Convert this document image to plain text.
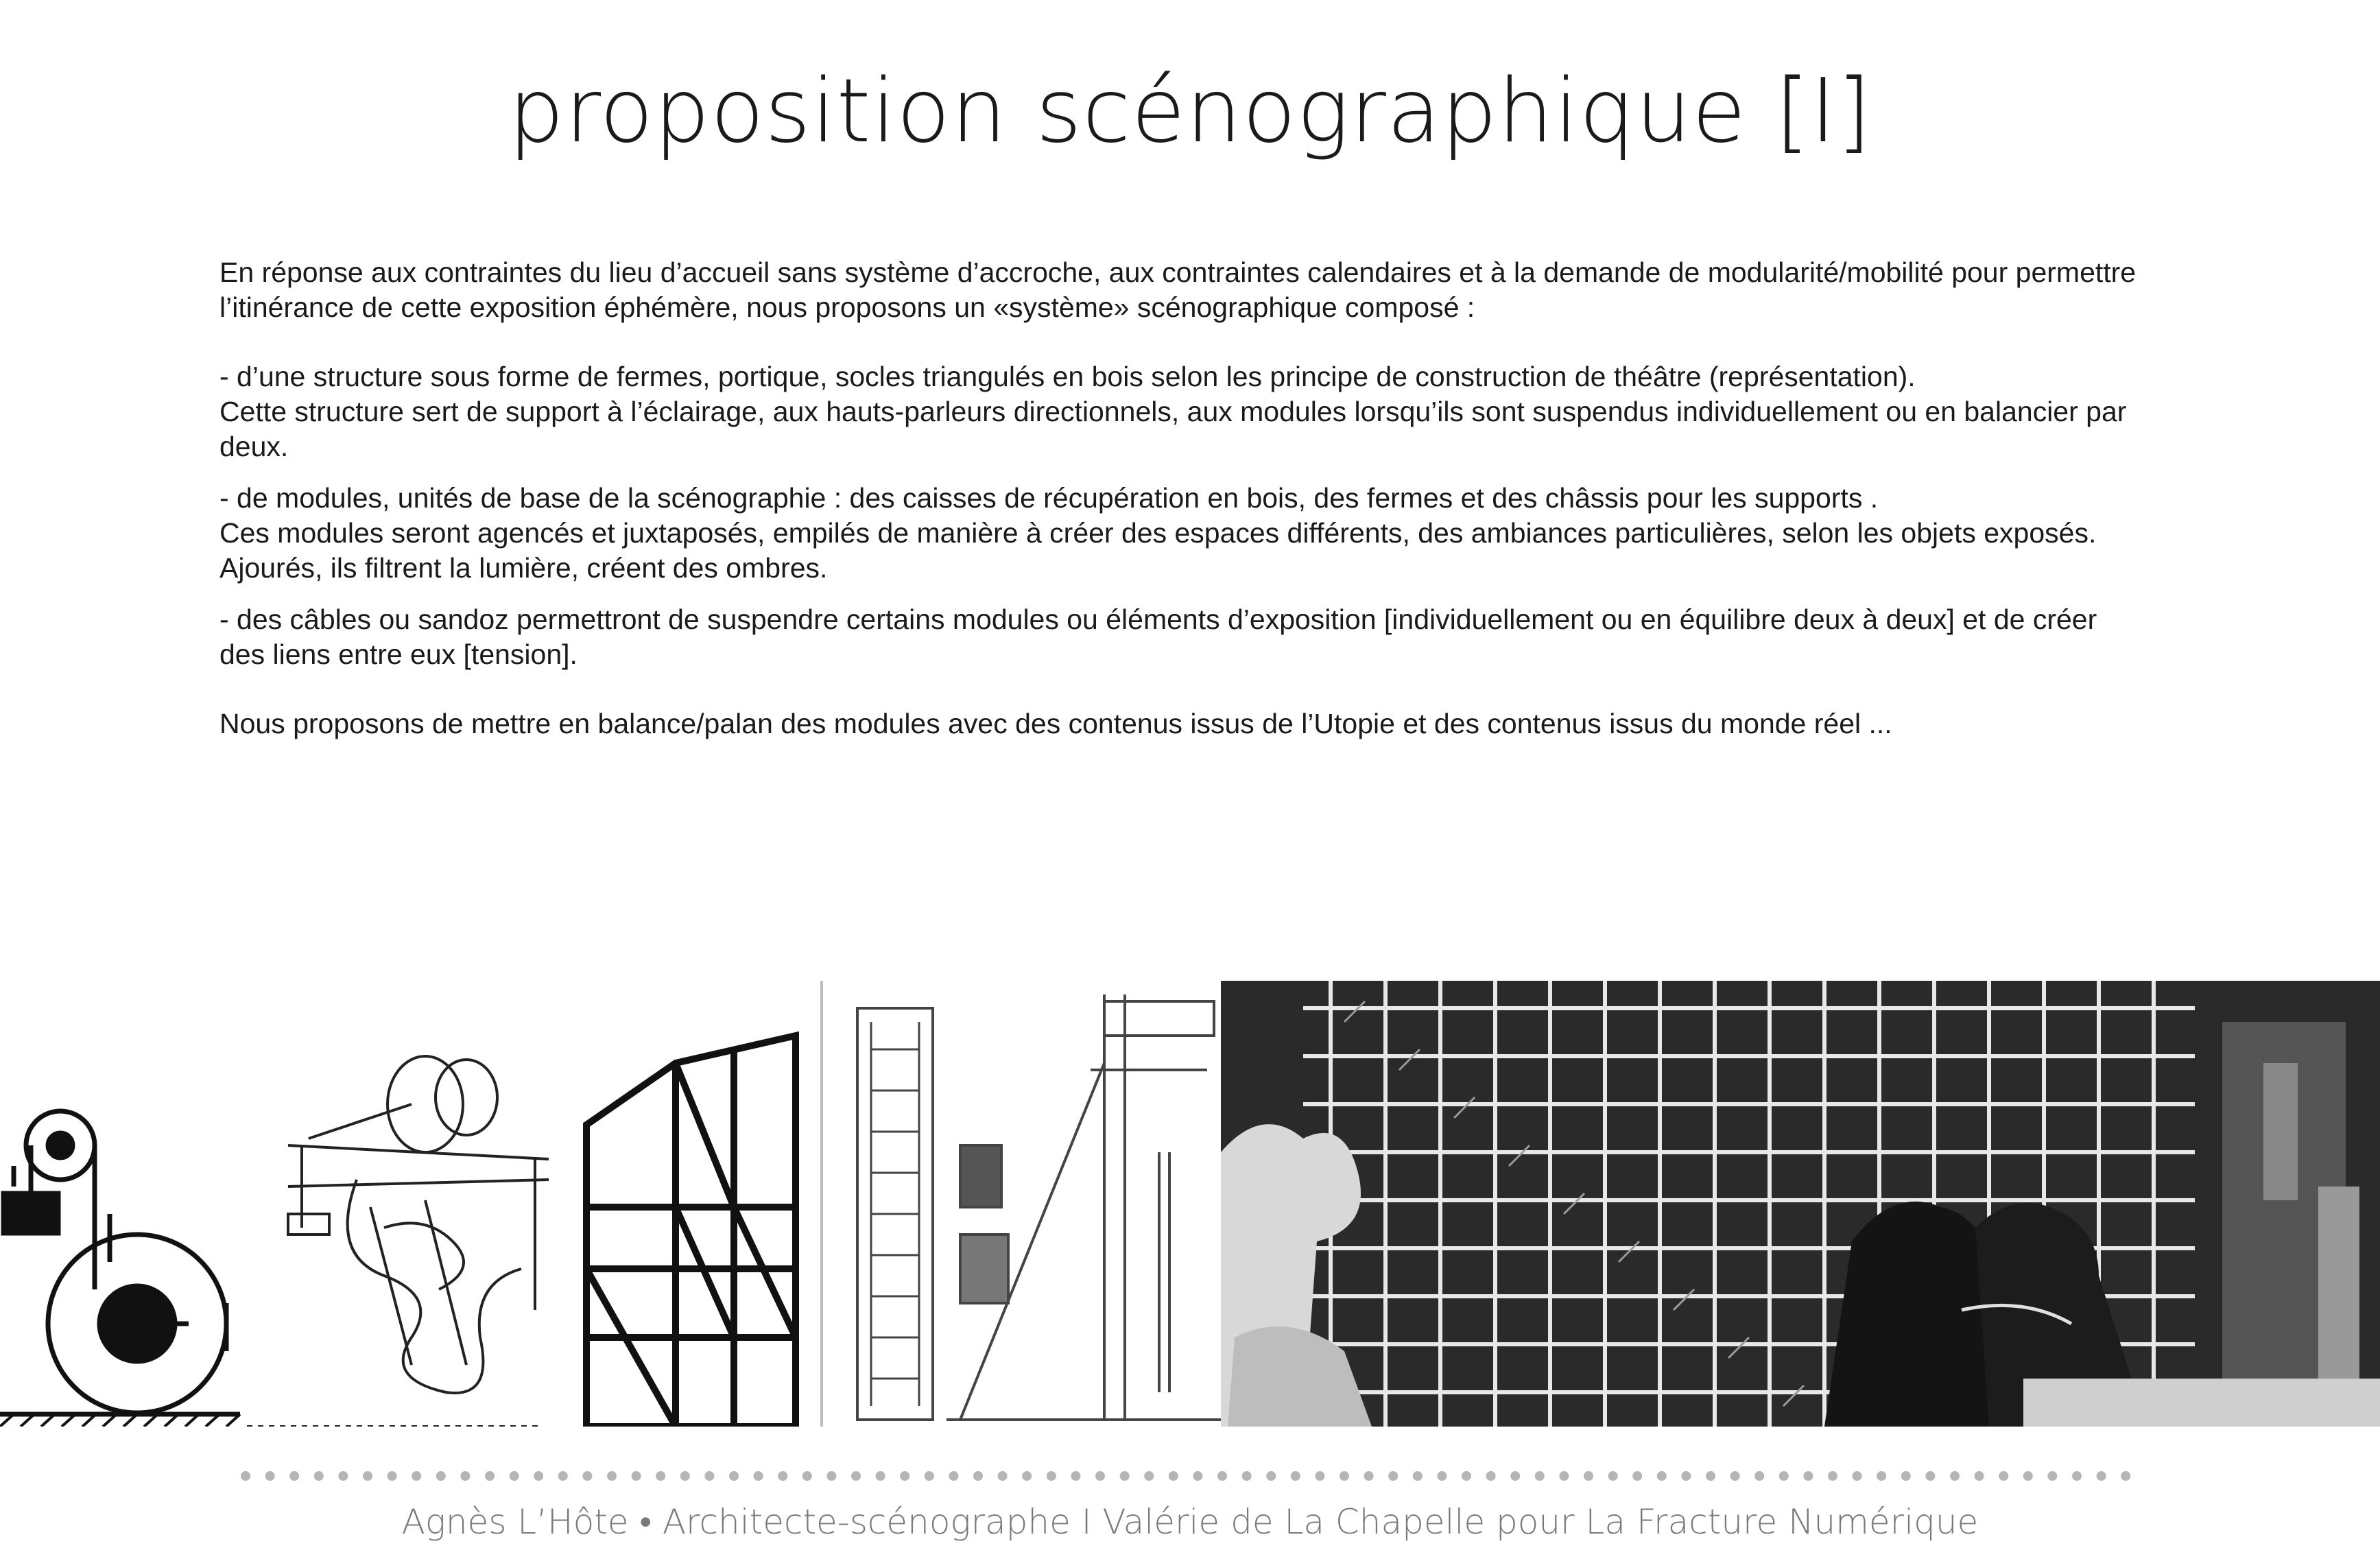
proposition scénographique [I]

En réponse aux contraintes du lieu d’accueil sans système d’accroche, aux contraintes calendaires et à la demande de modularité/mobilité pour permettre l’itinérance de cette exposition éphémère, nous proposons un «système» scénographique composé :

- d’une structure sous forme de fermes, portique, socles triangulés en bois selon les principe de construction de théâtre (représentation).

Cette structure sert de support à l’éclairage, aux hauts-parleurs directionnels, aux modules lorsqu’ils sont suspendus individuellement ou en balancier par deux.

- de modules, unités de base de la scénographie : des caisses de récupération en bois, des fermes et des châssis pour les supports .

Ces modules seront agencés et juxtaposés, empilés de manière à créer des espaces différents, des ambiances particulières, selon les objets exposés. Ajourés, ils filtrent la lumière, créent des ombres.

- des câbles ou sandoz permettront de suspendre certains modules ou éléments d’exposition [individuellement ou en équilibre deux à deux] et de créer des liens entre eux [tension].

Nous proposons de mettre en balance/palan des modules avec des contenus issus de l’Utopie et des contenus issus du monde réel ...

Agnès L’Hôte • Architecte-scénographe I Valérie de La Chapelle pour La Fracture Numérique
